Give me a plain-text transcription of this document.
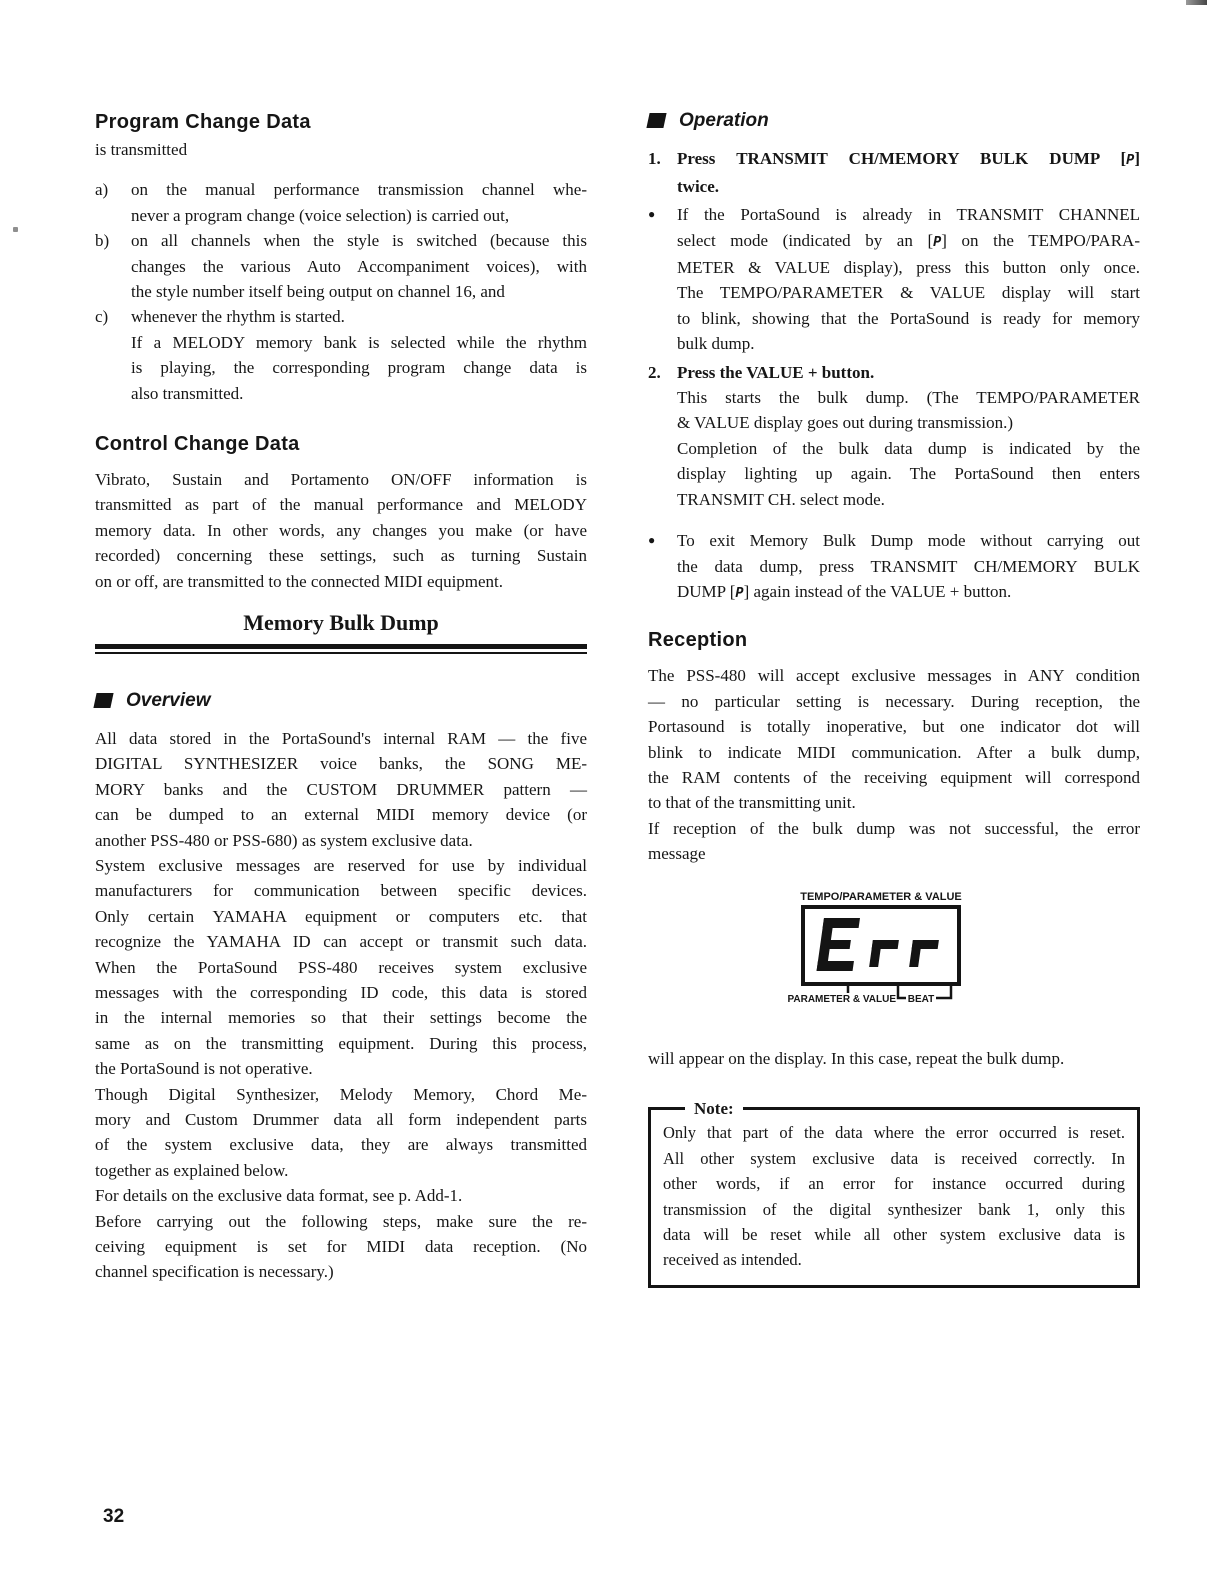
Program Change Data
is transmitted
a)	on the manual performance transmission channel whe-
never a program change (voice selection) is carried out,
b)	on all channels when the style is switched (because this
changes the various Auto Accompaniment voices), with
the style number itself being output on channel 16, and
c)	whenever the rhythm is started.
If a MELODY memory bank is selected while the rhythm
is playing, the corresponding program change data is
also transmitted.
Control Change Data
Vibrato, Sustain and Portamento ON/OFF information is
transmitted as part of the manual performance and MELODY
memory data. In other words, any changes you make (or have
recorded) concerning these settings, such as turning Sustain
on or off, are transmitted to the connected MIDI equipment.
Memory Bulk Dump
Overview
All data stored in the PortaSound's internal RAM — the five
DIGITAL SYNTHESIZER voice banks, the SONG ME-
MORY banks and the CUSTOM DRUMMER pattern —
can be dumped to an external MIDI memory device (or
another PSS-480 or PSS-680) as system exclusive data.
System exclusive messages are reserved for use by individual
manufacturers for communication between specific devices.
Only certain YAMAHA equipment or computers etc. that
recognize the YAMAHA ID can accept or transmit such data.
When the PortaSound PSS-480 receives system exclusive
messages with the corresponding ID code, this data is stored
in the internal memories so that their settings become the
same as on the transmitting equipment. During this process,
the PortaSound is not operative.
Though Digital Synthesizer, Melody Memory, Chord Me-
mory and Custom Drummer data all form independent parts
of the system exclusive data, they are always transmitted
together as explained below.
For details on the exclusive data format, see p. Add-1.
Before carrying out the following steps, make sure the re-
ceiving equipment is set for MIDI data reception. (No
channel specification is necessary.)
Operation
1. Press TRANSMIT CH/MEMORY BULK DUMP [P]
twice.
●	If the PortaSound is already in TRANSMIT CHANNEL
select mode (indicated by an [P] on the TEMPO/PARA-
METER & VALUE display), press this button only once.
The TEMPO/PARAMETER & VALUE display will start
to blink, showing that the PortaSound is ready for memory
bulk dump.
2. Press the VALUE + button.
This starts the bulk dump. (The TEMPO/PARAMETER
& VALUE display goes out during transmission.)
Completion of the bulk data dump is indicated by the
display lighting up again. The PortaSound then enters
TRANSMIT CH. select mode.
●	To exit Memory Bulk Dump mode without carrying out
the data dump, press TRANSMIT CH/MEMORY BULK
DUMP [P] again instead of the VALUE + button.
Reception
The PSS-480 will accept exclusive messages in ANY condition
— no particular setting is necessary. During reception, the
Portasound is totally inoperative, but one indicator dot will
blink to indicate MIDI communication. After a bulk dump,
the RAM contents of the receiving equipment will correspond
to that of the transmitting unit.
If reception of the bulk dump was not successful, the error
message
TEMPO/PARAMETER & VALUE
PARAMETER & VALUE BEAT
will appear on the display. In this case, repeat the bulk dump.
Note:
Only that part of the data where the error occurred is reset.
All other system exclusive data is received correctly. In
other words, if an error for instance occurred during
transmission of the digital synthesizer bank 1, only this
data will be reset while all other system exclusive data is
received as intended.
32
